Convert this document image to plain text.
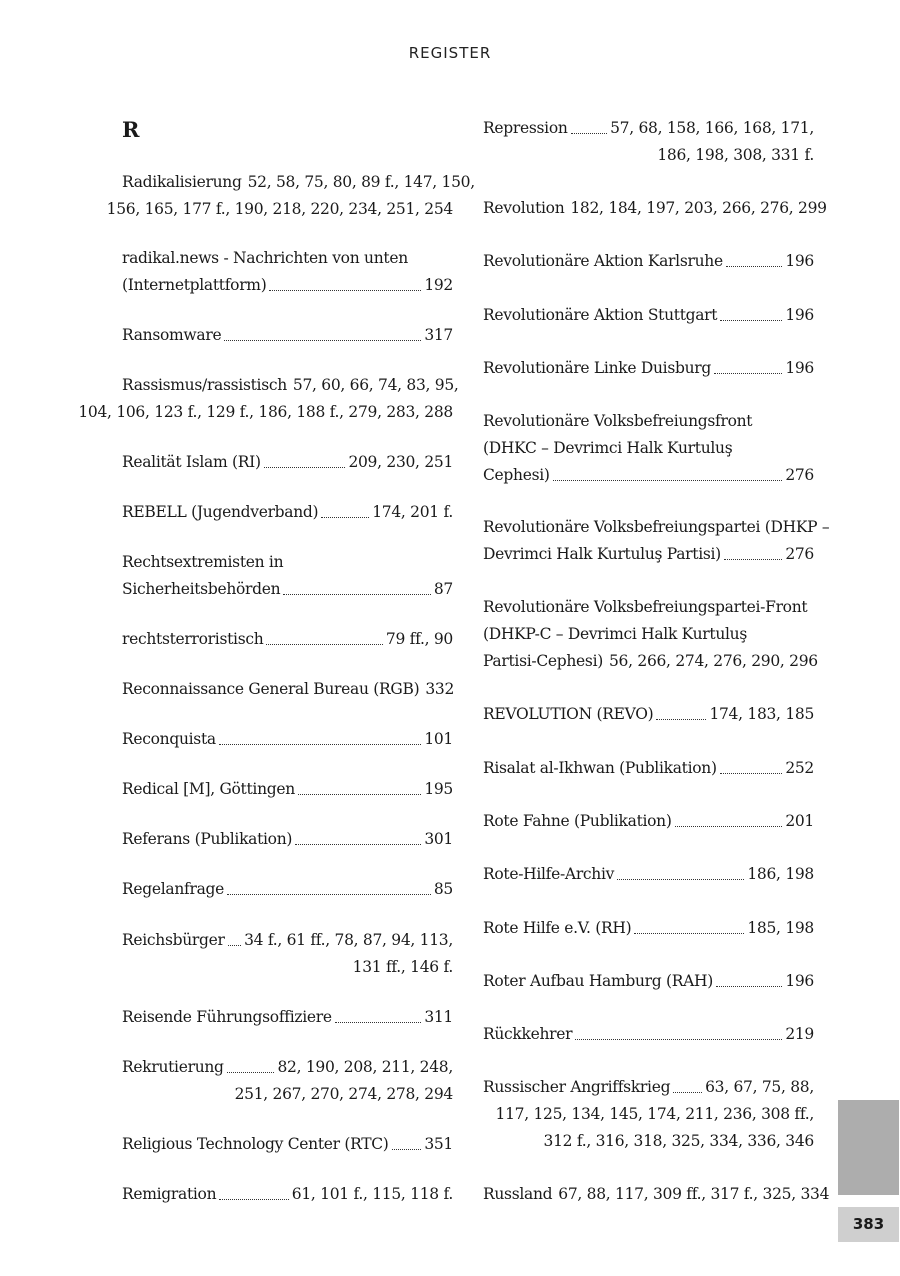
REGISTER
R
Radikalisierung 52, 58, 75, 80, 89 f., 147, 150,
156, 165, 177 f., 190, 218, 220, 234, 251, 254
radikal.news - Nachrichten von unten
(Internetplattform)	192
Ransomware	317
Rassismus/rassistisch 57, 60, 66, 74, 83, 95,
104, 106, 123 f., 129 f., 186, 188 f., 279, 283, 288
Realität Islam (RI)	209, 230, 251
REBELL (Jugendverband)	174, 201 f.
Rechtsextremisten in
Sicherheitsbehörden	87
rechtsterroristisch	79 ff., 90
Reconnaissance General Bureau (RGB) 332
Reconquista	101
Redical [M], Göttingen	195
Referans (Publikation)	301
Regelanfrage	85
Reichsbürger 34 f., 61 ff., 78, 87, 94, 113,
131 ff., 146 f.
Reisende Führungsoffiziere	311
Rekrutierung	82, 190, 208, 211, 248,
251, 267, 270, 274, 278, 294
Religious Technology Center (RTC) 351
Remigration	61, 101 f., 115, 118 f.
Repression	57, 68, 158, 166, 168, 171,
186, 198, 308, 331 f.
Revolution 182, 184, 197, 203, 266, 276, 299
Revolutionäre Aktion Karlsruhe	196
Revolutionäre Aktion Stuttgart	196
Revolutionäre Linke Duisburg	196
Revolutionäre Volksbefreiungsfront
(DHKC – Devrimci Halk Kurtuluş
Cephesi)	276
Revolutionäre Volksbefreiungspartei (DHKP –
Devrimci Halk Kurtuluş Partisi)	276
Revolutionäre Volksbefreiungspartei-Front
(DHKP-C – Devrimci Halk Kurtuluş
Partisi-Cephesi) 56, 266, 274, 276, 290, 296
REVOLUTION (REVO)	174, 183, 185
Risalat al-Ikhwan (Publikation)	252
Rote Fahne (Publikation)	201
Rote-Hilfe-Archiv	186, 198
Rote Hilfe e.V. (RH)	185, 198
Roter Aufbau Hamburg (RAH)	196
Rückkehrer	219
Russischer Angriffskrieg 63, 67, 75, 88,
117, 125, 134, 145, 174, 211, 236, 308 ff.,
312 f., 316, 318, 325, 334, 336, 346
Russland 67, 88, 117, 309 ff., 317 f., 325, 334
383
